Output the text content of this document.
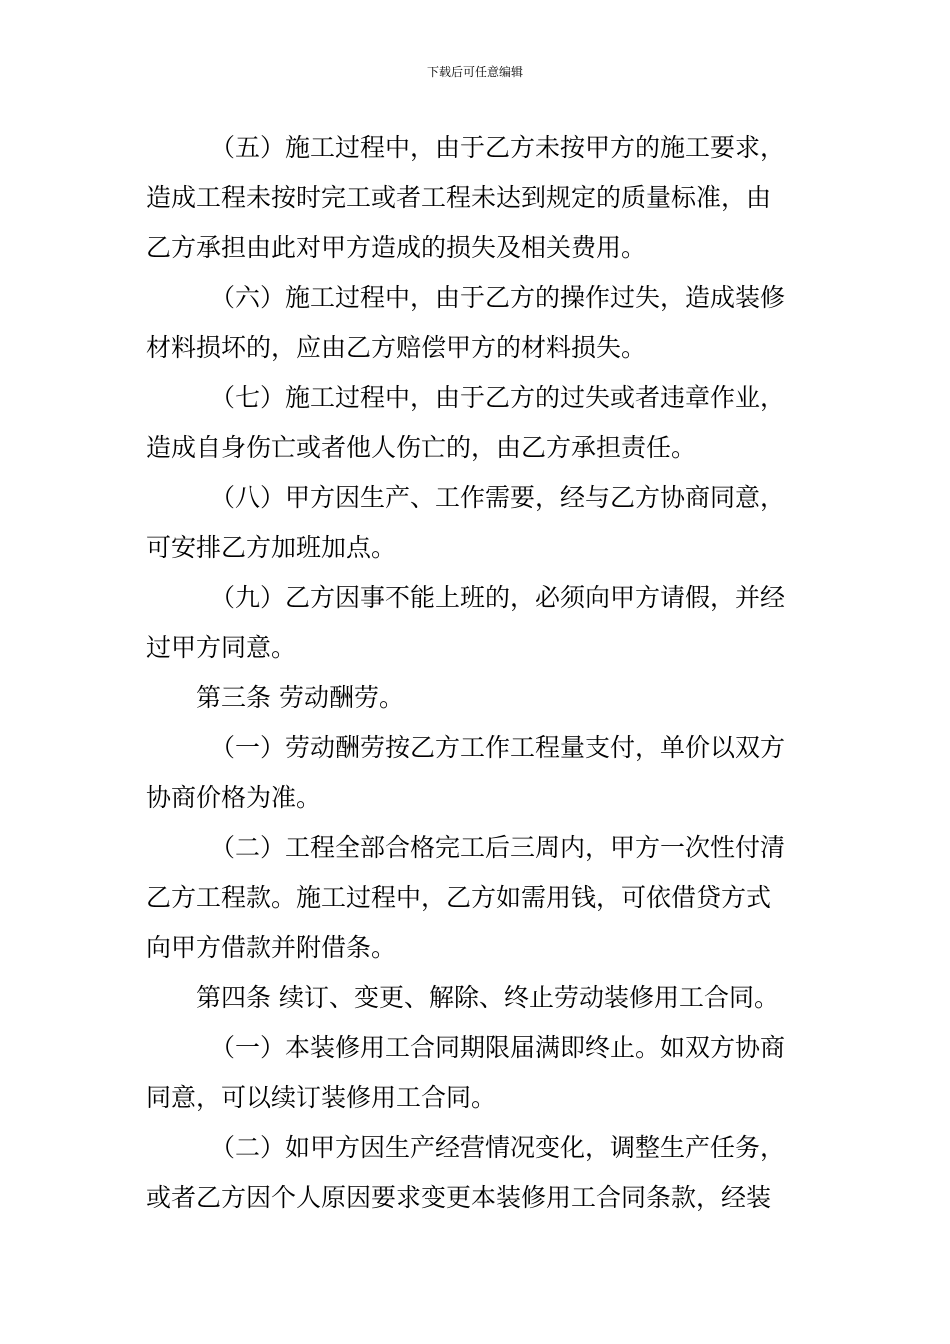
下载后可任意编辑
（五）施工过程中，由于乙方未按甲方的施工要求，
造成工程未按时完工或者工程未达到规定的质量标准，由
乙方承担由此对甲方造成的损失及相关费用。
（六）施工过程中，由于乙方的操作过失，造成装修
材料损坏的，应由乙方赔偿甲方的材料损失。
（七）施工过程中，由于乙方的过失或者违章作业，
造成自身伤亡或者他人伤亡的，由乙方承担责任。
（八）甲方因生产、工作需要，经与乙方协商同意，
可安排乙方加班加点。
（九）乙方因事不能上班的，必须向甲方请假，并经
过甲方同意。
第三条 劳动酬劳。
（一）劳动酬劳按乙方工作工程量支付，单价以双方
协商价格为准。
（二）工程全部合格完工后三周内，甲方一次性付清
乙方工程款。施工过程中，乙方如需用钱，可依借贷方式
向甲方借款并附借条。
第四条 续订、变更、解除、终止劳动装修用工合同。
（一）本装修用工合同期限届满即终止。如双方协商
同意，可以续订装修用工合同。
（二）如甲方因生产经营情况变化，调整生产任务，
或者乙方因个人原因要求变更本装修用工合同条款，经装
